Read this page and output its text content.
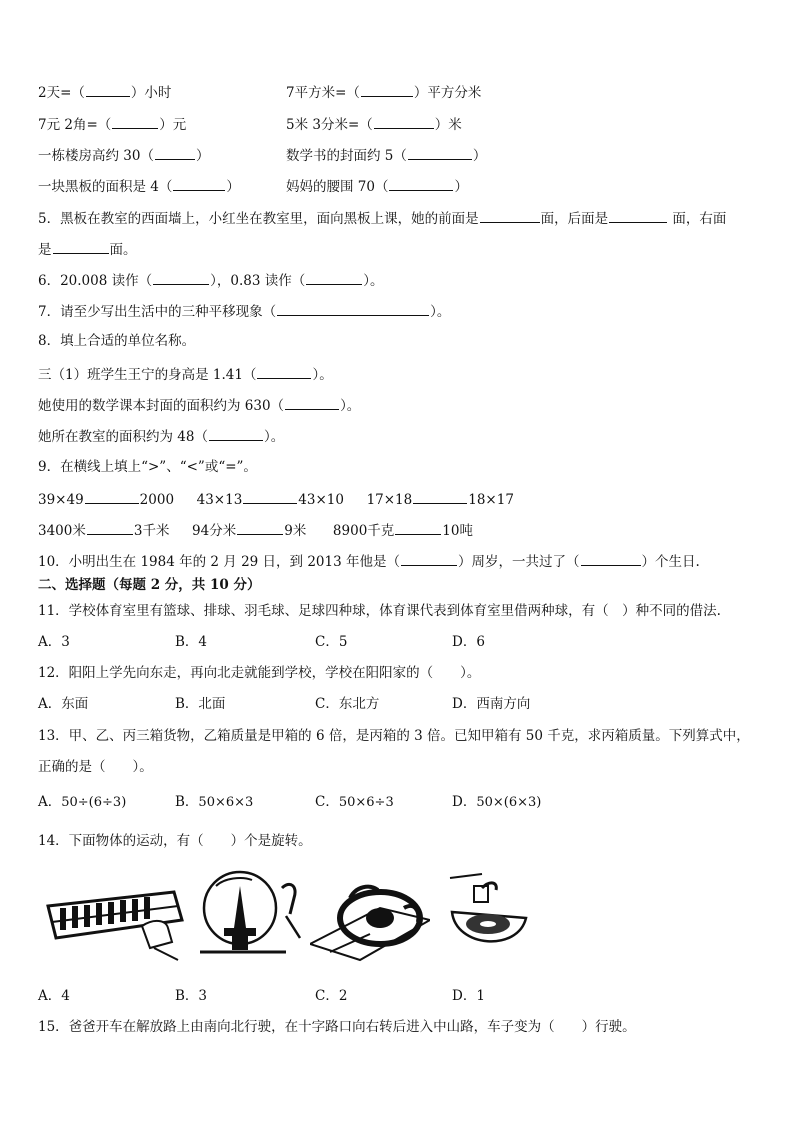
2天=（	）小时	7平方米=（	）平方分米
7元 2角=（	）元	5米 3分米=（	）米
一栋楼房高约 30（	）	数学书的封面约 5（	）
一块黑板的面积是 4（	）	妈妈的腰围 70（	）
5．黑板在教室的西面墙上，小红坐在教室里，面向黑板上课，她的前面是	面，后面是	面，右面
是	面。
6．20.008 读作（	），0.83 读作（	）。
7．请至少写出生活中的三种平移现象（	）。
8．填上合适的单位名称。
三（1）班学生王宁的身高是 1.41（	）。
她使用的数学课本封面的面积约为 630（	）。
她所在教室的面积约为 48（	）。
9．在横线上填上“>”、“<”或“=”。
39×49	2000 43×13	43×10 17×18	18×17
3400米	3千米 94分米	9米 8900千克	10吨
10．小明出生在 1984 年的 2 月 29 日，到 2013 年他是（	）周岁，一共过了（	）个生日.
二、选择题（每题 2 分，共 10 分）
11．学校体育室里有篮球、排球、羽毛球、足球四种球，体育课代表到体育室里借两种球，有（　）种不同的借法.
A．3	B．4	C．5	D．6
12．阳阳上学先向东走，再向北走就能到学校，学校在阳阳家的（　　）。
A．东面	B．北面	C．东北方	D．西南方向
13．甲、乙、丙三箱货物，乙箱质量是甲箱的 6 倍，是丙箱的 3 倍。已知甲箱有 50 千克，求丙箱质量。下列算式中，
正确的是（　　）。
A．50÷(6÷3)	B．50×6×3	C．50×6÷3	D．50×(6×3)
14．下面物体的运动，有（　　）个是旋转。
A．4	B．3	C．2	D．1
15．爸爸开车在解放路上由南向北行驶，在十字路口向右转后进入中山路，车子变为（　　）行驶。
